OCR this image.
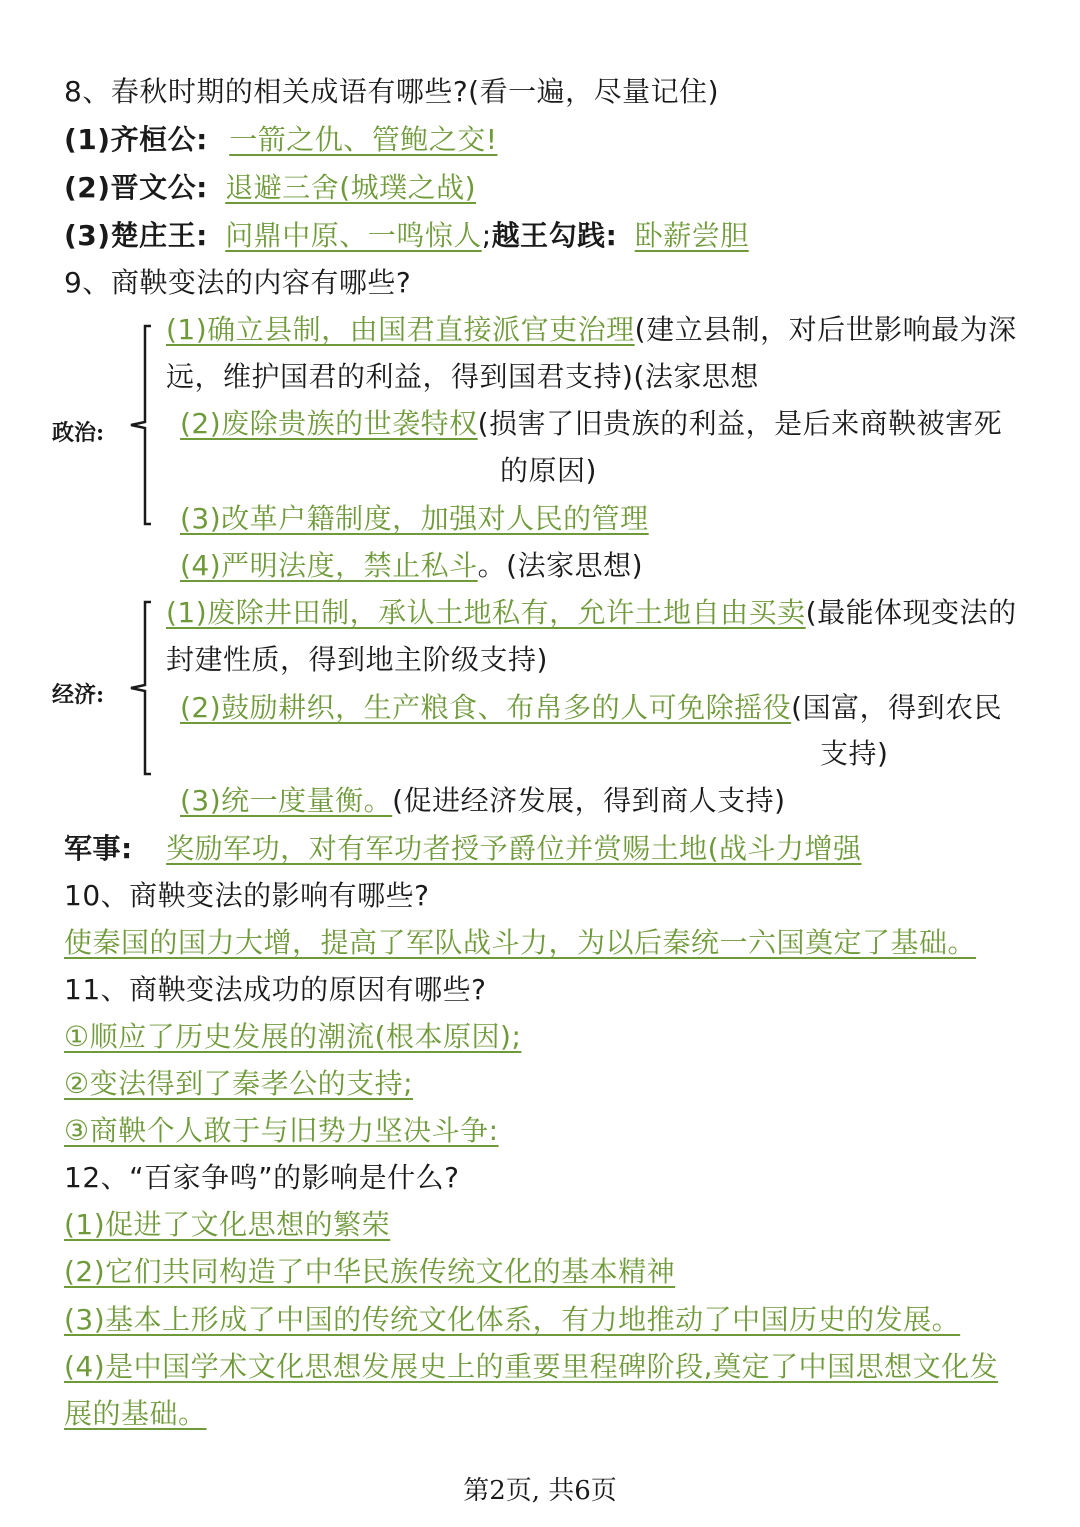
8、春秋时期的相关成语有哪些?(看一遍，尽量记住)
(1)齐桓公: 一箭之仇、管鲍之交!
(2)晋文公: 退避三舍(城璞之战)
(3)楚庄王: 问鼎中原、一鸣惊人;越王勾践: 卧薪尝胆
9、商鞅变法的内容有哪些?
政治:
(1)确立县制，由国君直接派官吏治理(建立县制，对后世影响最为深
远，维护国君的利益，得到国君支持)(法家思想
(2)废除贵族的世袭特权(损害了旧贵族的利益，是后来商鞅被害死
的原因)
(3)改革户籍制度，加强对人民的管理
(4)严明法度，禁止私斗。(法家思想)
经济:
(1)废除井田制，承认土地私有，允许土地自由买卖(最能体现变法的
封建性质，得到地主阶级支持)
(2)鼓励耕织，生产粮食、布帛多的人可免除摇役(国富，得到农民
支持)
(3)统一度量衡。(促进经济发展，得到商人支持)
军事: 奖励军功，对有军功者授予爵位并赏赐土地(战斗力增强
10、商鞅变法的影响有哪些?
使秦国的国力大增，提高了军队战斗力，为以后秦统一六国奠定了基础。
11、商鞅变法成功的原因有哪些?
①顺应了历史发展的潮流(根本原因);
②变法得到了秦孝公的支持;
③商鞅个人敢于与旧势力坚决斗争:
12、“百家争鸣”的影响是什么?
(1)促进了文化思想的繁荣
(2)它们共同构造了中华民族传统文化的基本精神
(3)基本上形成了中国的传统文化体系，有力地推动了中国历史的发展。
(4)是中国学术文化思想发展史上的重要里程碑阶段,奠定了中国思想文化发
展的基础。
第2页, 共6页
